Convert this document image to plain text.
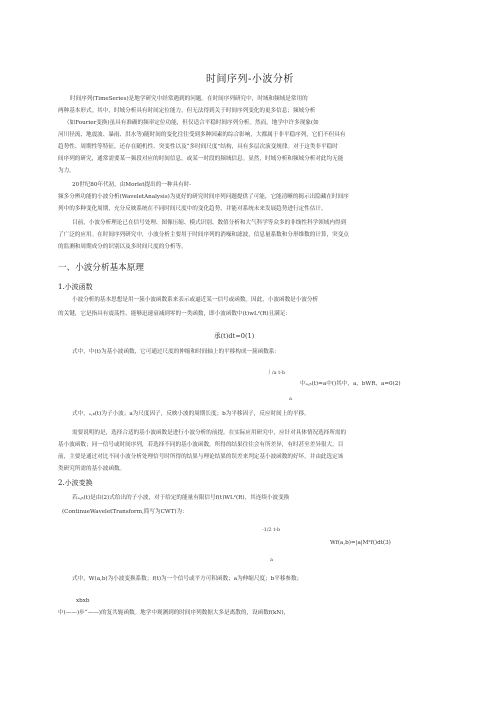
时间序列-小波分析
时间序列(TimeSeries)是地学研究中经常遇到的问题。在时间序列研究中，时域和频域是常用的
两种基本形式。其中，时域分析具有时间定位能力，但无法得到关于时间序列变化的更多信息；频域分析
（如Fourier变换)虽具有准确的频率定位功能，但仅适合平稳时间序列分析。然而，地学中许多现象(如
河川径流、地震波、暴雨、洪水等)随时间的变化往往受到多种因素的综合影响，大都属于非平稳序列，它们不但具有
趋势性、周期性等特征，还存在随机性、突变性以及“多时间尺度”结构，具有多层次演变规律。对于这类非平稳时
间序列的研究，通常需要某一频段对应的时间信息，或某一时段的频域信息。显然，时域分析和频域分析对此均无能
为力。
20世纪80年代初，由Morlet提出的一种具有时-
频多分辨功能的小波分析(WaveletAnalysis)为更好的研究时间序列问题提供了可能，它能清晰的揭示出隐藏在时间序
列中的多种变化周期，充分反映系统在不同时间尺度中的变化趋势，并能对系统未来发展趋势进行定性估计。
目前，小波分析理论已在信号处理、图像压缩、模式识别、数值分析和大气科学等众多的非线性科学领域内得到
了广泛的应用。在时间序列研究中，小波分析主要用于时间序列的消噪和滤波，信息量系数和分形维数的计算，突变点
的监测和周期成分的识别以及多时间尺度的分析等。
一、小波分析基本原理
1.小波函数
小波分析的基本思想是用一簇小波函数系来表示或逼近某一信号或函数。因此，小波函数是小波分析
的关键，它是指具有震荡性、能够迅速衰减到零的一类函数，即小波函数中(t)wL²(R)且满足：
承(t)dt=0(1)
式中，中(t)为基小波函数，它可通过尺度的伸缩和时间轴上的平移构成一簇函数系：
丿/a t-b
中ₐ,ᵦ(t)=a中()其中，a，bWR，a=0(2)
a
式中，ₐ,ᵦ(t)为子小波；a为尺度因子，反映小波的周期长度；b为平移因子，反应时间上的平移。
需要说明的是，选择合适的基小波函数是进行小波分析的前提。在实际应用研究中，应针对具体情况选择所需的
基小波函数；同一信号或时间序列，若选择不同的基小波函数，所得的结果往往会有所差异，有时甚至差异很大。目
前，主要是通过对比不同小波分析处理信号时所得的结果与理论结果的误差来判定基小波函数的好坏，并由此选定该
类研究所需的基小波函数。
2.小波变换
若ₐ,ᵦ(t)是由(2)式给出的子小波，对于给定的能量有限信号f(t)WL²(R)，其连续小波变换
(ContinueWaveletTransform,简写为CWT)为：
-1/2 t-b
Wf(a,b)=|a|M²f()dt(3)
a
式中，W(a,b)为小波变换系数；f(t)为一个信号或平方可积函数；a为伸缩尺度；b平移参数；
xbxb
中(——)步“——)的复共轭函数。地学中观测到的时间序列数据大多是离散的，设函数f(kN)，
